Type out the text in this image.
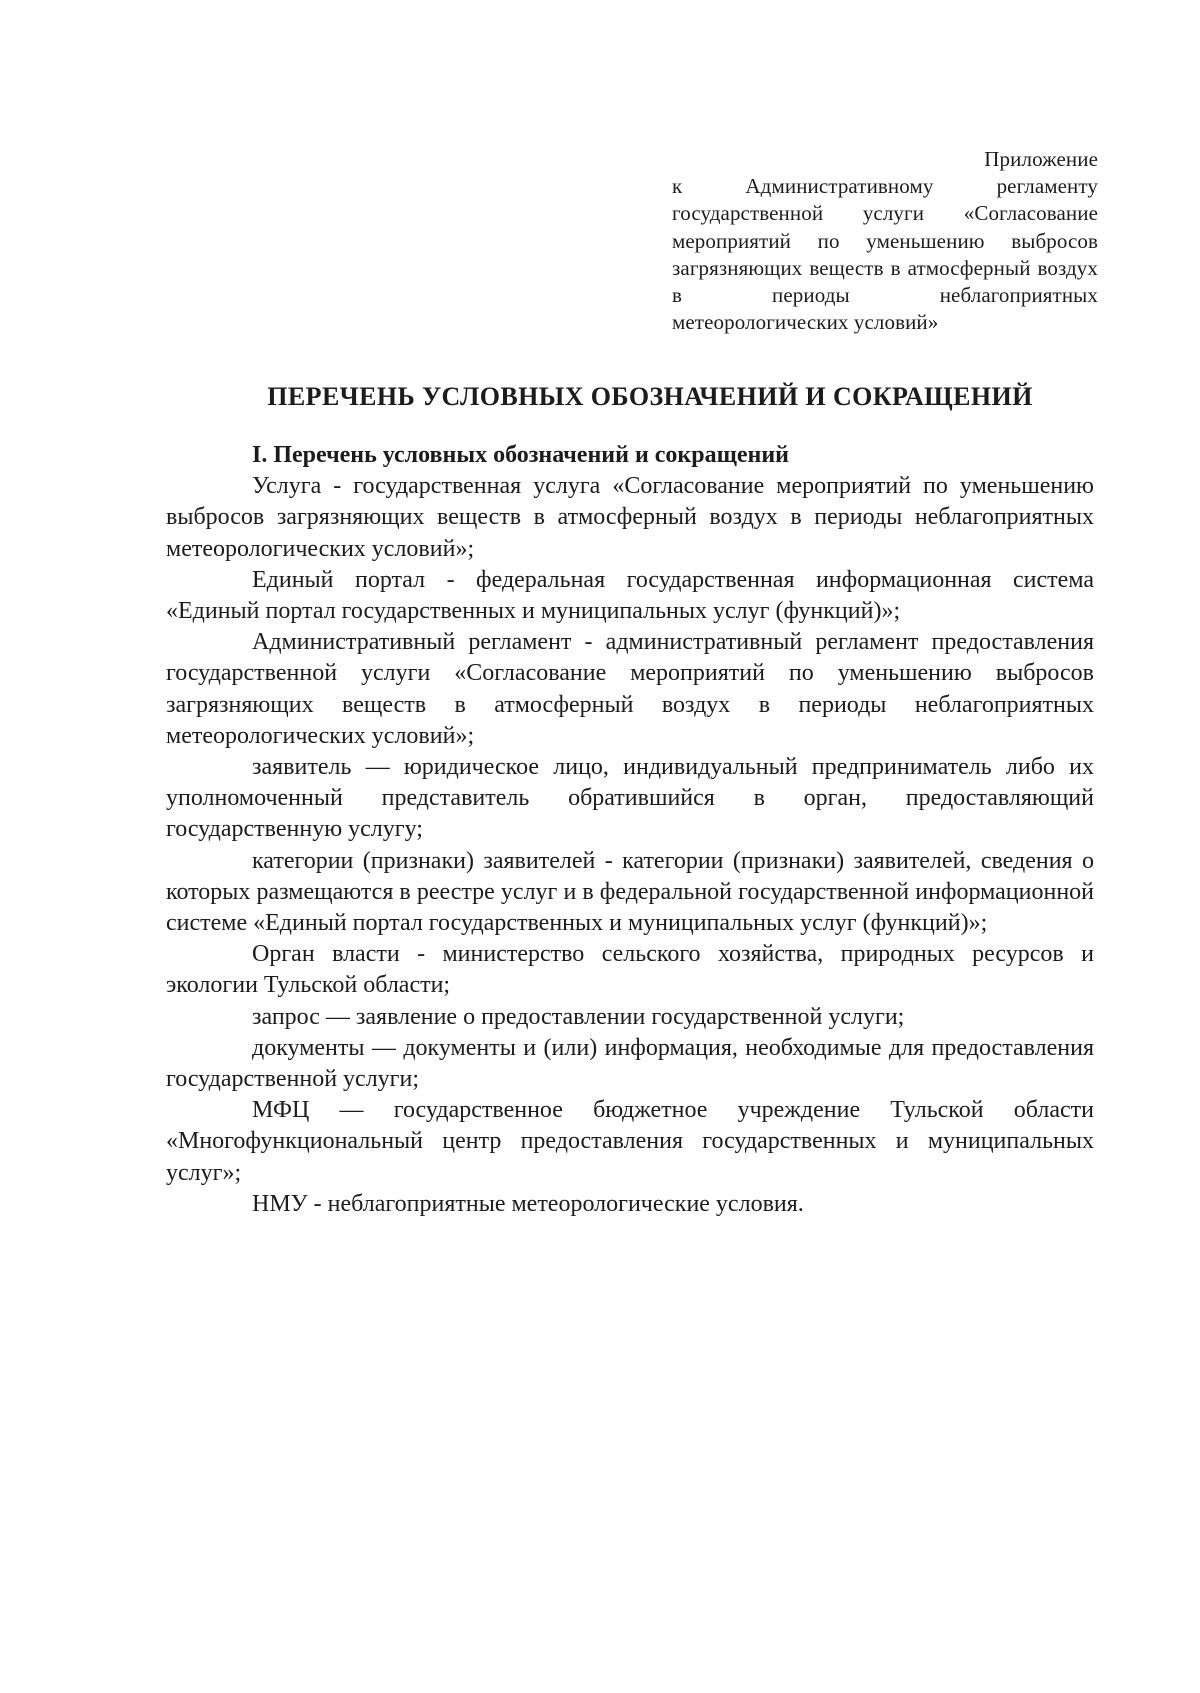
Приложение
к Административному регламенту государственной услуги «Согласование мероприятий по уменьшению выбросов загрязняющих веществ в атмосферный воздух в периоды неблагоприятных метеорологических условий»
ПЕРЕЧЕНЬ УСЛОВНЫХ ОБОЗНАЧЕНИЙ И СОКРАЩЕНИЙ

I. Перечень условных обозначений и сокращений

Услуга - государственная услуга «Согласование мероприятий по уменьшению выбросов загрязняющих веществ в атмосферный воздух в периоды неблагоприятных метеорологических условий»;

Единый портал - федеральная государственная информационная система «Единый портал государственных и муниципальных услуг (функций)»;

Административный регламент - административный регламент предоставления государственной услуги «Согласование мероприятий по уменьшению выбросов загрязняющих веществ в атмосферный воздух в периоды неблагоприятных метеорологических условий»;

заявитель — юридическое лицо, индивидуальный предприниматель либо их уполномоченный представитель обратившийся в орган, предоставляющий государственную услугу;

категории (признаки) заявителей - категории (признаки) заявителей, сведения о которых размещаются в реестре услуг и в федеральной государственной информационной системе «Единый портал государственных и муниципальных услуг (функций)»;

Орган власти - министерство сельского хозяйства, природных ресурсов и экологии Тульской области;

запрос — заявление о предоставлении государственной услуги;

документы — документы и (или) информация, необходимые для предоставления государственной услуги;

МФЦ — государственное бюджетное учреждение Тульской области «Многофункциональный центр предоставления государственных и муниципальных услуг»;

НМУ - неблагоприятные метеорологические условия.
